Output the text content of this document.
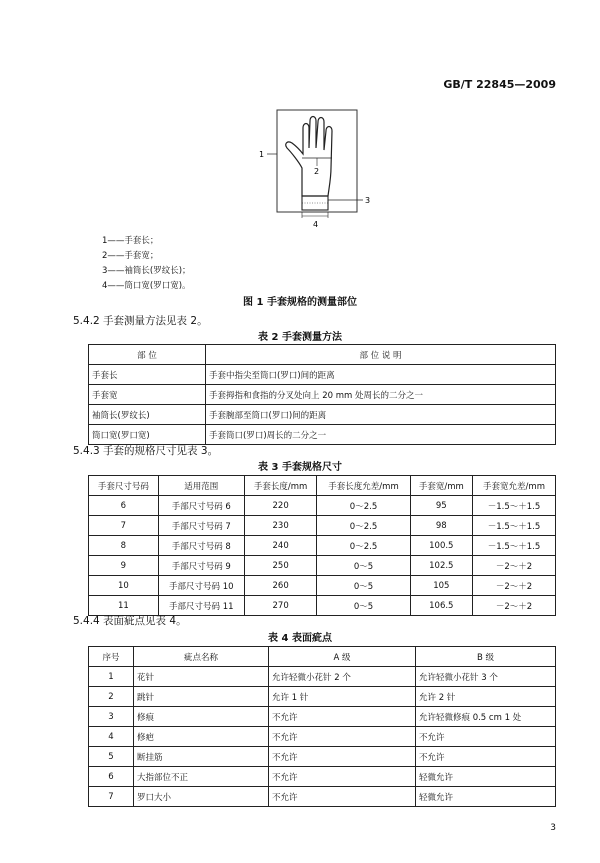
GB/T 22845—2009
1
2
3
4
1——手套长；
2——手套宽；
3——袖筒长(罗纹长)；
4——筒口宽(罗口宽)。
图 1 手套规格的测量部位
5.4.2 手套测量方法见表 2。
表 2 手套测量方法
部 位	部 位 说 明
手套长	手套中指尖至筒口(罗口)间的距离
手套宽	手套拇指和食指的分叉处向上 20 mm 处周长的二分之一
袖筒长(罗纹长)	手套腕部至筒口(罗口)间的距离
筒口宽(罗口宽)	手套筒口(罗口)周长的二分之一
5.4.3 手套的规格尺寸见表 3。
表 3 手套规格尺寸
手套尺寸号码	适用范围	手套长度/mm	手套长度允差/mm	手套宽/mm	手套宽允差/mm
6	手部尺寸号码 6	220	0～2.5	95	－1.5～＋1.5
7	手部尺寸号码 7	230	0～2.5	98	－1.5～＋1.5
8	手部尺寸号码 8	240	0～2.5	100.5	－1.5～＋1.5
9	手部尺寸号码 9	250	0～5	102.5	－2～＋2
10	手部尺寸号码 10	260	0～5	105	－2～＋2
11	手部尺寸号码 11	270	0～5	106.5	－2～＋2
5.4.4 表面疵点见表 4。
表 4 表面疵点
序号	疵点名称	A 级	B 级
1	花针	允许轻微小花针 2 个	允许轻微小花针 3 个
2	跳针	允许 1 针	允许 2 针
3	修痕	不允许	允许轻微修痕 0.5 cm 1 处
4	修疤	不允许	不允许
5	断挂筋	不允许	不允许
6	大指部位不正	不允许	轻微允许
7	罗口大小	不允许	轻微允许
3
